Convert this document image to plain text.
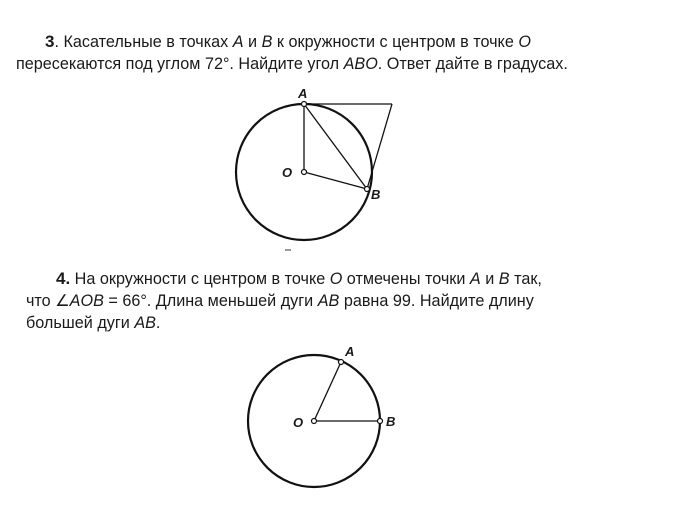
3. Касательные в точках A и B к окружности с центром в точке O
пересекаются под углом 72°. Найдите угол ABO. Ответ дайте в градусах.
A
O
B
4. На окружности с центром в точке O отмечены точки A и B так,
что ∠AOB = 66°. Длина меньшей дуги AB равна 99. Найдите длину
большей дуги AB.
A
O	B
